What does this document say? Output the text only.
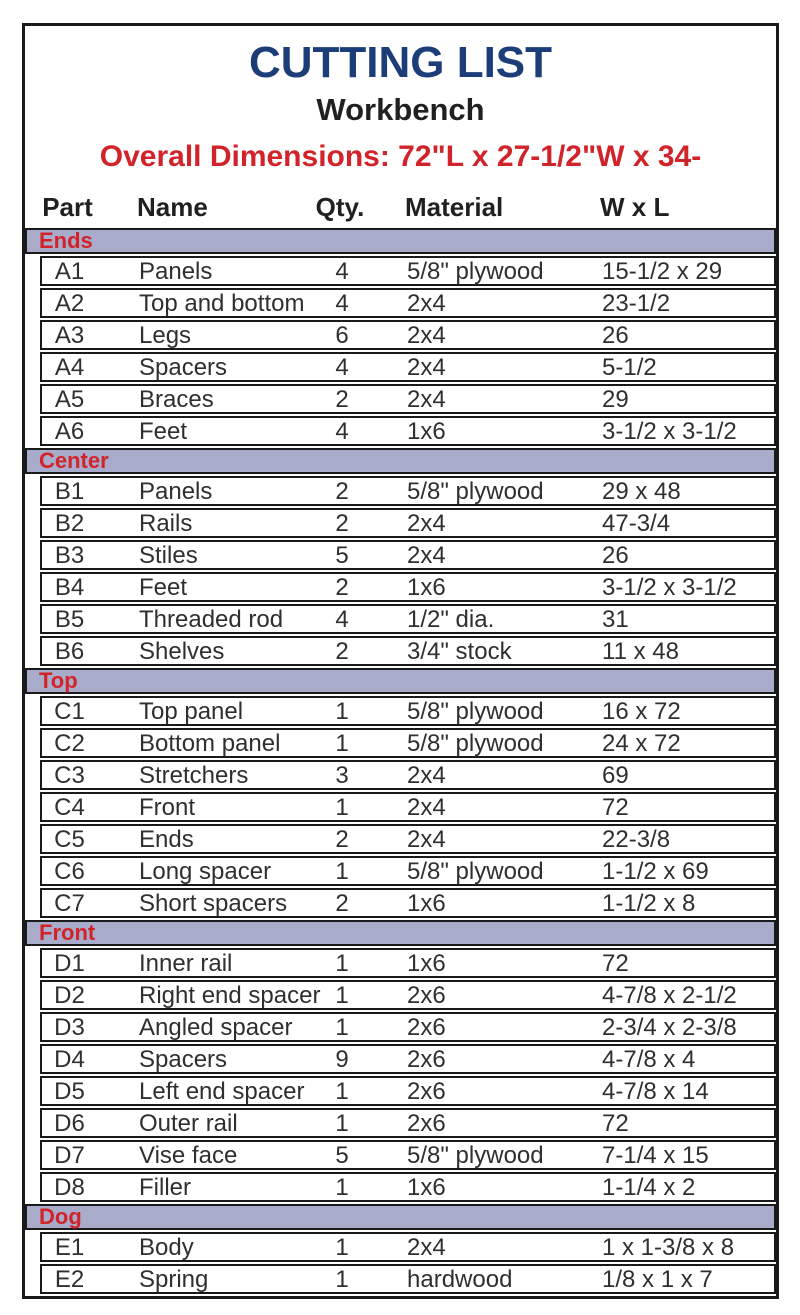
CUTTING LIST
Workbench
Overall Dimensions: 72"L x 27-1/2"W x 34-
Part	Name	Qty.	Material	W x L
Ends
A1	Panels	4	5/8" plywood	15-1/2 x 29
A2	Top and bottom	4	2x4	23-1/2
A3	Legs	6	2x4	26
A4	Spacers	4	2x4	5-1/2
A5	Braces	2	2x4	29
A6	Feet	4	1x6	3-1/2 x 3-1/2
Center
B1	Panels	2	5/8" plywood	29 x 48
B2	Rails	2	2x4	47-3/4
B3	Stiles	5	2x4	26
B4	Feet	2	1x6	3-1/2 x 3-1/2
B5	Threaded rod	4	1/2" dia.	31
B6	Shelves	2	3/4" stock	11 x 48
Top
C1	Top panel	1	5/8" plywood	16 x 72
C2	Bottom panel	1	5/8" plywood	24 x 72
C3	Stretchers	3	2x4	69
C4	Front	1	2x4	72
C5	Ends	2	2x4	22-3/8
C6	Long spacer	1	5/8" plywood	1-1/2 x 69
C7	Short spacers	2	1x6	1-1/2 x 8
Front
D1	Inner rail	1	1x6	72
D2	Right end spacer 1	2x6	4-7/8 x 2-1/2
D3	Angled spacer	1	2x6	2-3/4 x 2-3/8
D4	Spacers	9	2x6	4-7/8 x 4
D5	Left end spacer	1	2x6	4-7/8 x 14
D6	Outer rail	1	2x6	72
D7	Vise face	5	5/8" plywood	7-1/4 x 15
D8	Filler	1	1x6	1-1/4 x 2
Dog
E1	Body	1	2x4	1 x 1-3/8 x 8
E2	Spring	1	hardwood	1/8 x 1 x 7
